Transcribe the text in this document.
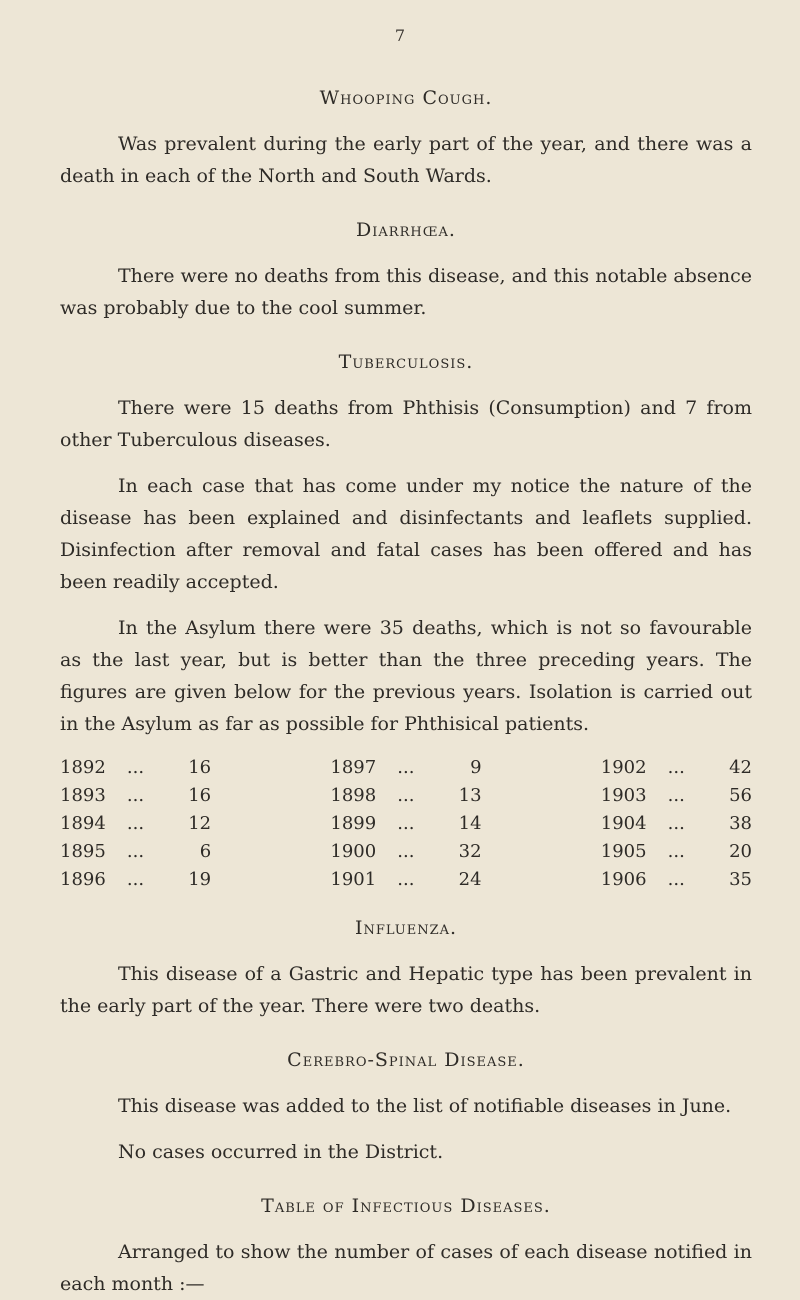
7
Whooping Cough.

Was prevalent during the early part of the year, and there was a death in each of the North and South Wards.

Diarrhœa.

There were no deaths from this disease, and this notable absence was probably due to the cool summer.

Tuberculosis.

There were 15 deaths from Phthisis (Consumption) and 7 from other Tuberculous diseases.

In each case that has come under my notice the nature of the disease has been explained and disinfectants and leaflets supplied. Disinfection after removal and fatal cases has been offered and has been readily accepted.

In the Asylum there were 35 deaths, which is not so favourable as the last year, but is better than the three preceding years. The figures are given below for the previous years. Isolation is carried out in the Asylum as far as possible for Phthisical patients.

1892	...	16		1897	...	9		1902	...	42
1893	...	16		1898	...	13		1903	...	56
1894	...	12		1899	...	14		1904	...	38
1895	...	6		1900	...	32		1905	...	20
1896	...	19		1901	...	24		1906	...	35
Influenza.

This disease of a Gastric and Hepatic type has been prevalent in the early part of the year. There were two deaths.

Cerebro-Spinal Disease.

This disease was added to the list of notifiable diseases in June.

No cases occurred in the District.

Table of Infectious Diseases.

Arranged to show the number of cases of each disease notified in each month :—
